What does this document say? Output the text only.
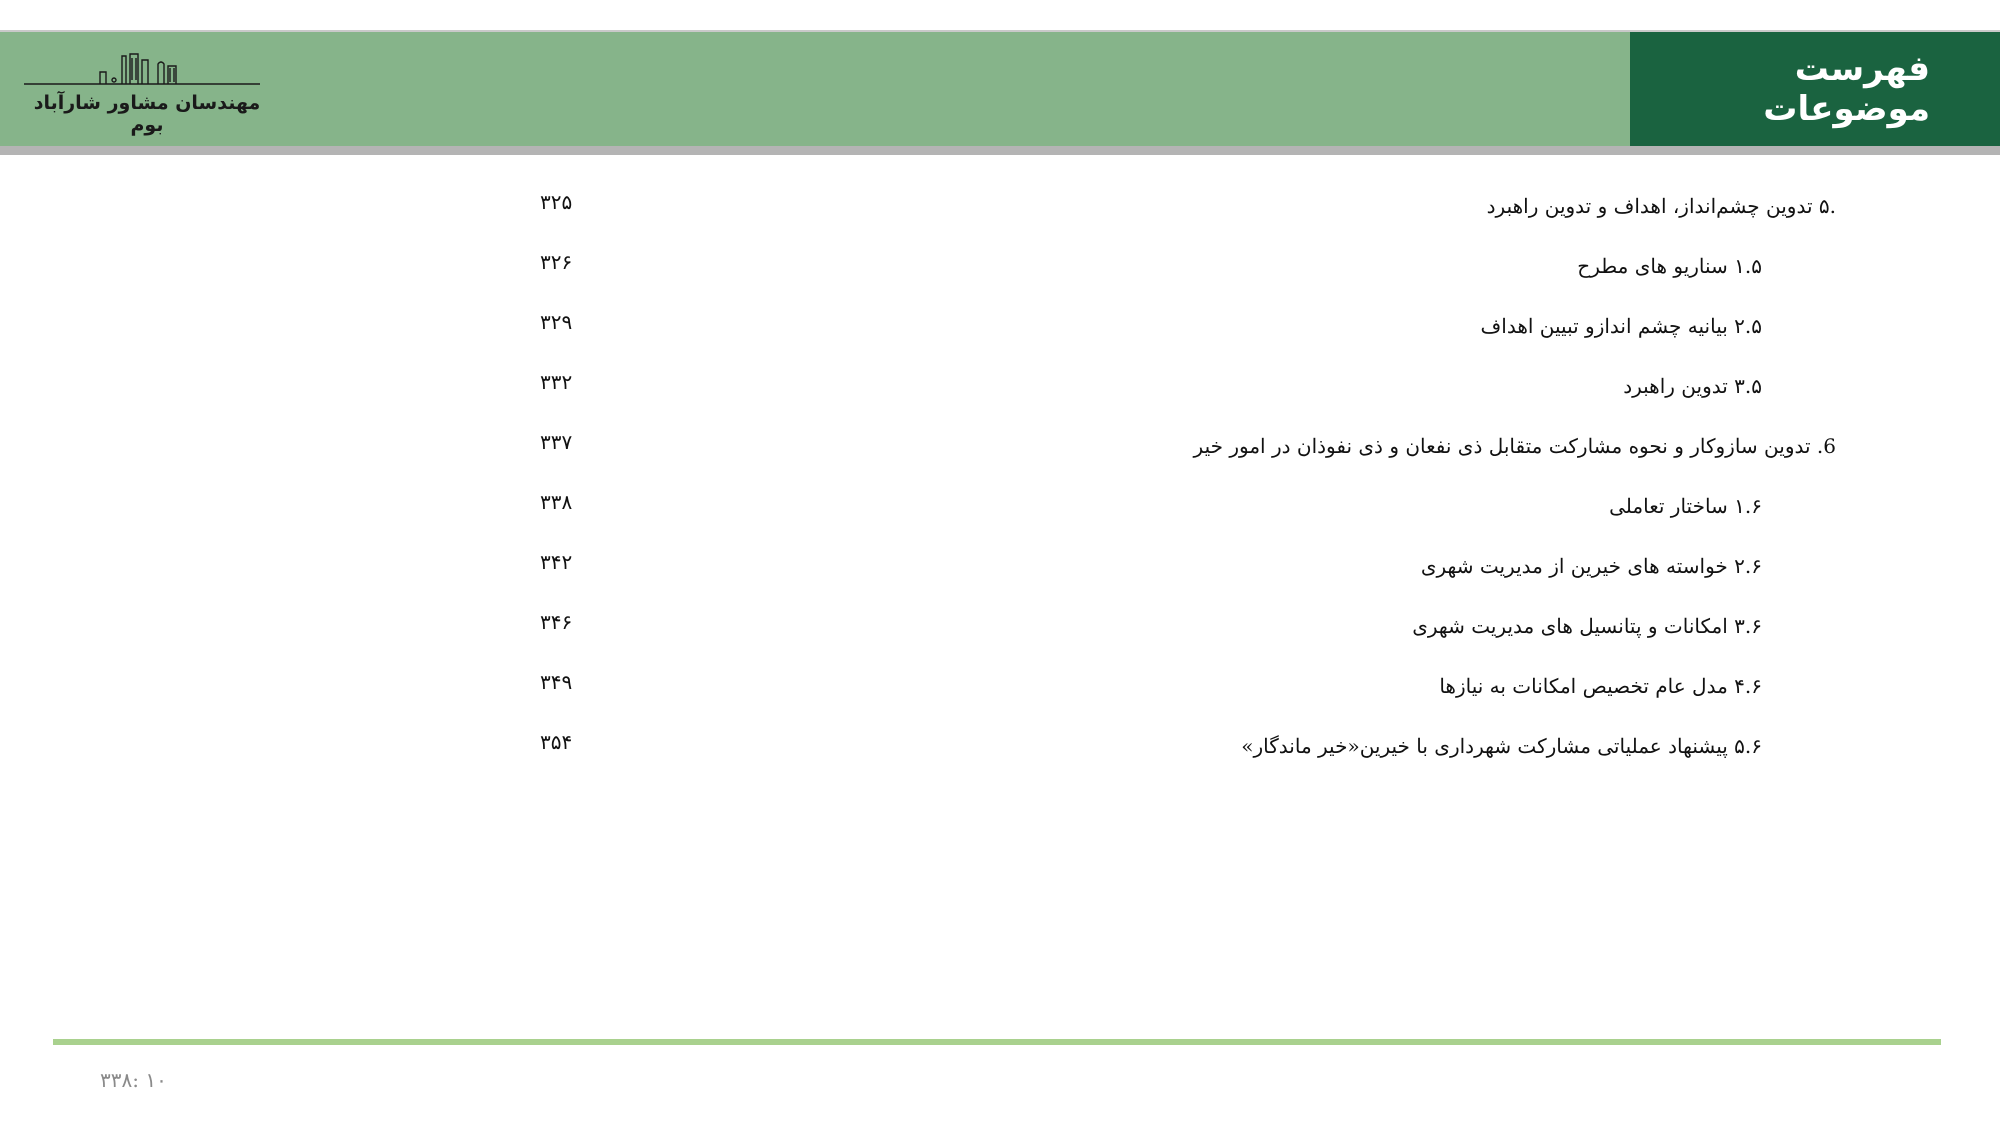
فهرست موضوعات
مهندسان مشاور شارآباد بوم
.۵ تدوین چشم‌انداز، اهداف و تدوین راهبرد
۳۲۵
۱.۵ سناریو های مطرح
۳۲۶
۲.۵ بیانیه چشم اندازو تبیین اهداف
۳۲۹
۳.۵ تدوین راهبرد
۳۳۲
6. تدوین سازوکار و نحوه مشارکت متقابل ذی نفعان و ذی نفوذان در امور خیر
۳۳۷
۱.۶ ساختار تعاملی
۳۳۸
۲.۶ خواسته های خیرین از مدیریت شهری
۳۴۲
۳.۶ امکانات و پتانسیل های مدیریت شهری
۳۴۶
۴.۶ مدل عام تخصیص امکانات به نیازها
۳۴۹
۵.۶ پیشنهاد عملیاتی مشارکت شهرداری با خیرین«خیر ماندگار»
۳۵۴
۱۰ :۳۳۸
